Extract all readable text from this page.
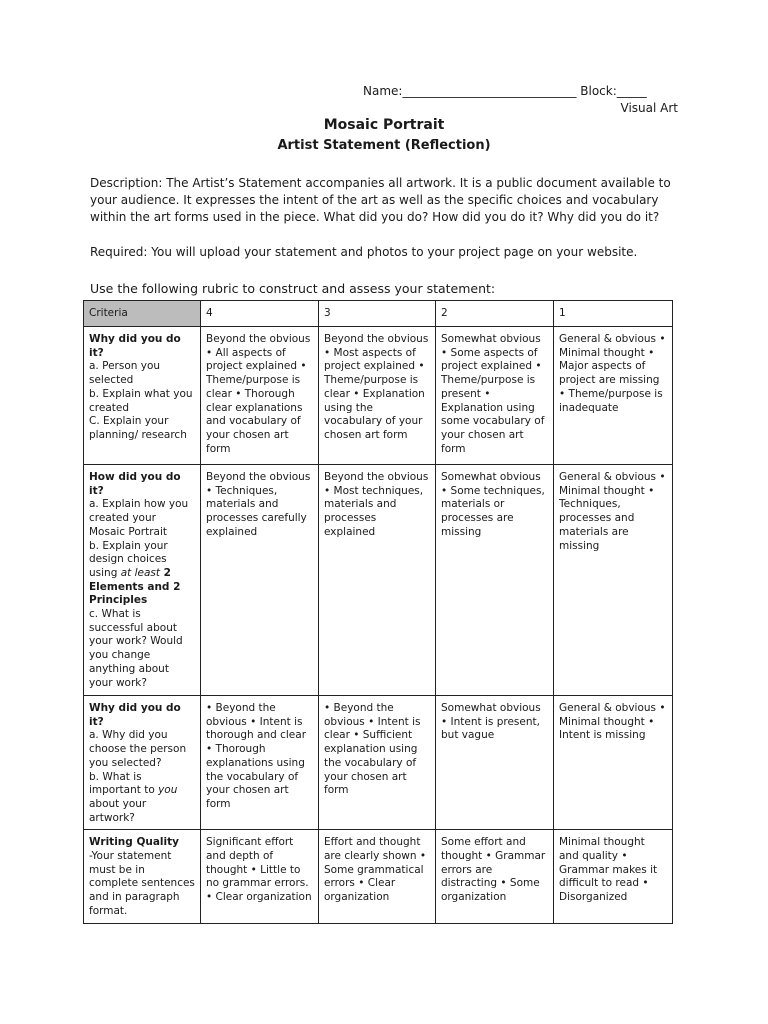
Name:_____________________________ Block:_____
Visual Art
Mosaic Portrait
Artist Statement (Reflection)

Description: The Artist’s Statement accompanies all artwork. It is a public document available to your audience. It expresses the intent of the art as well as the specific choices and vocabulary within the art forms used in the piece. What did you do? How did you do it? Why did you do it?

Required: You will upload your statement and photos to your project page on your website.

Use the following rubric to construct and assess your statement:

Criteria	4	3	2	1

Why did you do it?
a. Person you selected
b. Explain what you created
C. Explain your planning/ research	Beyond the obvious • All aspects of project explained • Theme/purpose is clear • Thorough clear explanations and vocabulary of your chosen art form	Beyond the obvious • Most aspects of project explained • Theme/purpose is clear • Explanation using the vocabulary of your chosen art form	Somewhat obvious • Some aspects of project explained • Theme/purpose is present • Explanation using some vocabulary of your chosen art form	General & obvious • Minimal thought • Major aspects of project are missing • Theme/purpose is inadequate

How did you do it?
a. Explain how you created your Mosaic Portrait
b. Explain your design choices using at least 2 Elements and 2 Principles
c. What is successful about your work? Would you change anything about your work?	Beyond the obvious • Techniques, materials and processes carefully explained	Beyond the obvious • Most techniques, materials and processes explained	Somewhat obvious • Some techniques, materials or processes are missing	General & obvious • Minimal thought • Techniques, processes and materials are missing

Why did you do it?
a. Why did you choose the person you selected?
b. What is important to you about your artwork?	• Beyond the obvious • Intent is thorough and clear • Thorough explanations using the vocabulary of your chosen art form	• Beyond the obvious • Intent is clear • Sufficient explanation using the vocabulary of your chosen art form	Somewhat obvious • Intent is present, but vague	General & obvious • Minimal thought • Intent is missing

Writing Quality
-Your statement must be in complete sentences and in paragraph format.	Significant effort and depth of thought • Little to no grammar errors. • Clear organization	Effort and thought are clearly shown • Some grammatical errors • Clear organization	Some effort and thought • Grammar errors are distracting • Some organization	Minimal thought and quality • Grammar makes it difficult to read • Disorganized
